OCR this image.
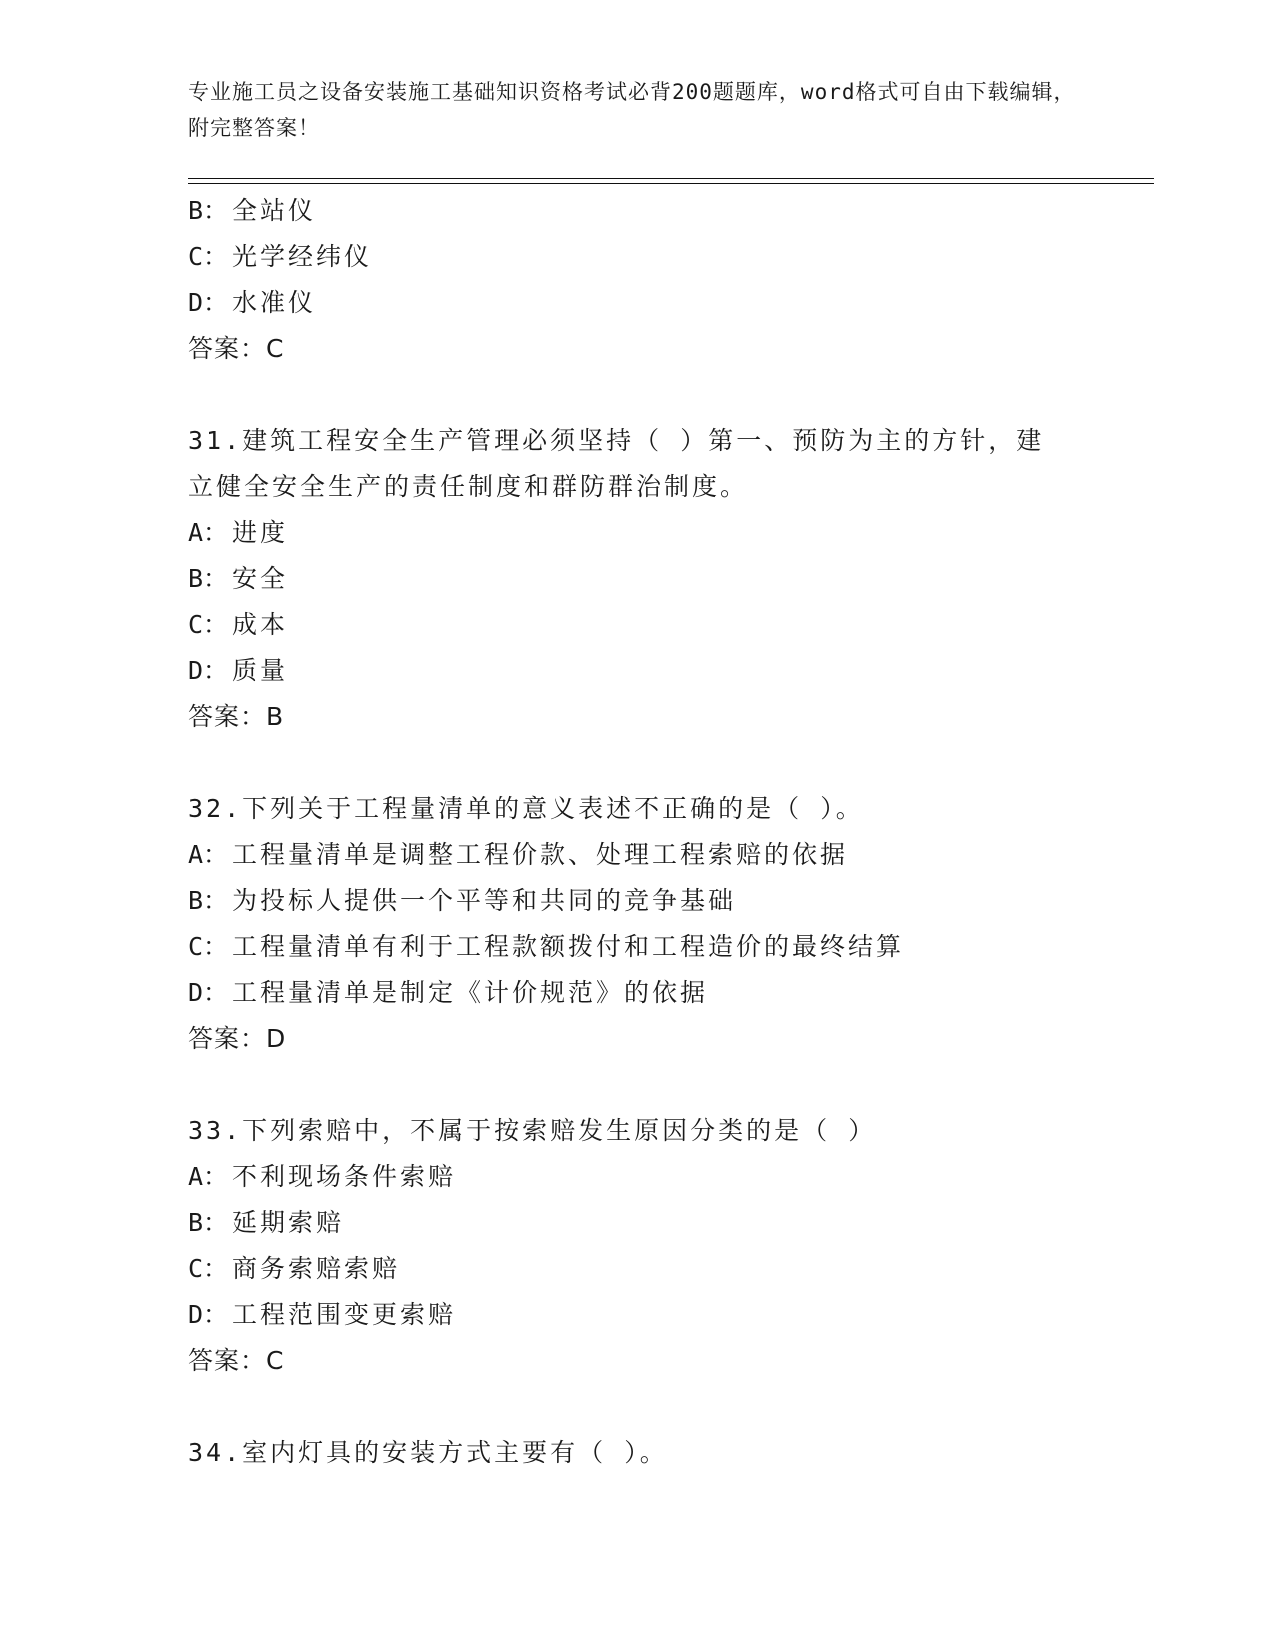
专业施工员之设备安装施工基础知识资格考试必背200题题库，word格式可自由下载编辑，附完整答案！
B： 全站仪
C： 光学经纬仪
D： 水准仪
答案：C
31.建筑工程安全生产管理必须坚持（ ）第一、预防为主的方针，建立健全安全生产的责任制度和群防群治制度。
A： 进度
B： 安全
C： 成本
D： 质量
答案：B
32.下列关于工程量清单的意义表述不正确的是（ ）。
A： 工程量清单是调整工程价款、处理工程索赔的依据
B： 为投标人提供一个平等和共同的竞争基础
C： 工程量清单有利于工程款额拨付和工程造价的最终结算
D： 工程量清单是制定《计价规范》的依据
答案：D
33.下列索赔中，不属于按索赔发生原因分类的是（ ）
A： 不利现场条件索赔
B： 延期索赔
C： 商务索赔索赔
D： 工程范围变更索赔
答案：C
34.室内灯具的安装方式主要有（ ）。
